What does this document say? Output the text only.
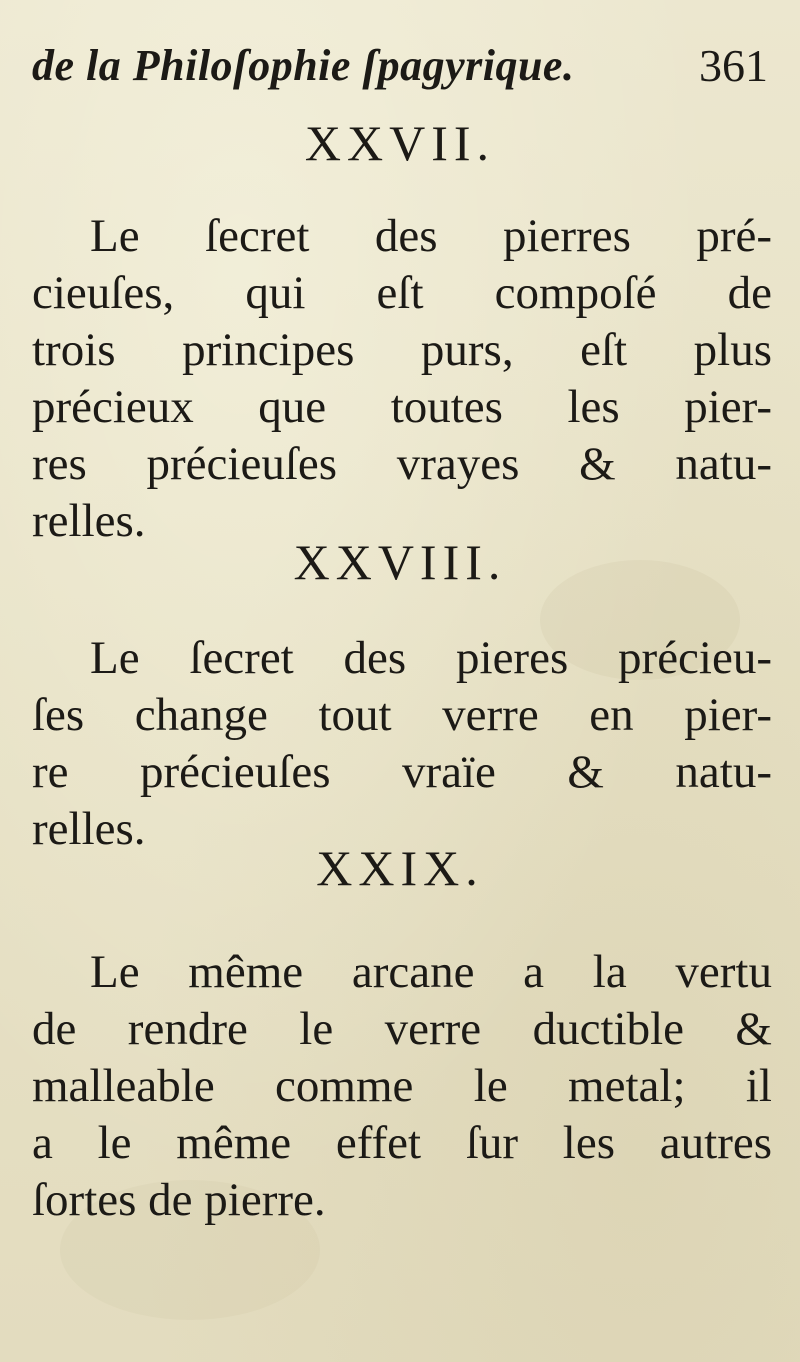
de la Philoſophie ſpagyrique.	361
XXVII.
Le ſecret des pierres pré-
cieuſes, qui eſt compoſé de
trois principes purs, eſt plus
précieux que toutes les pier-
res précieuſes vrayes & natu-
relles.
XXVIII.
Le ſecret des pieres précieu-
ſes change tout verre en pier-
re précieuſes vraïe & natu-
relles.
XXIX.
Le même arcane a la vertu
de rendre le verre ductible &
malleable comme le metal; il
a le même effet ſur les autres
ſortes de pierre.
